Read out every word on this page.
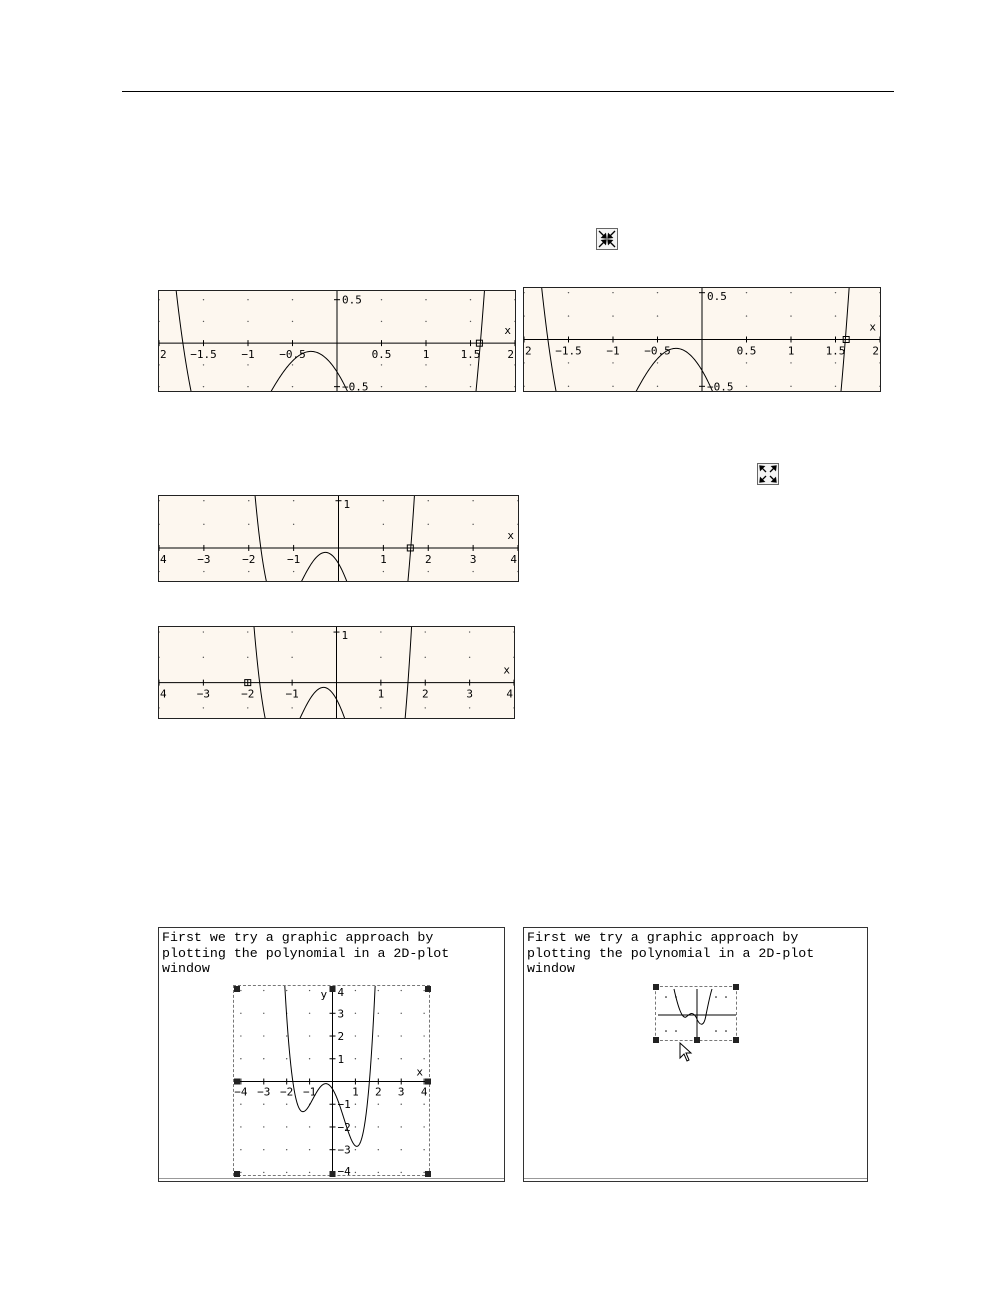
2 −1.5 −1 −0.5	0.5	1	1.5 2
0.5
−0.5
x
2 −1.5 −1 −0.5	0.5	1	1.5 2
0.5
−0.5
x
4	−3	−2	−1	1	2	3	4
1
x
4	−3	−2	−1	1	2	3	4
1
x
First we try a graphic approach by
plotting the polynomial in a 2D-plot
window
−4 −3 −2 −1	1 2 3 4
4
3
2
1
−1
−2
−3
−4
x
y
First we try a graphic approach by
plotting the polynomial in a 2D-plot
window
